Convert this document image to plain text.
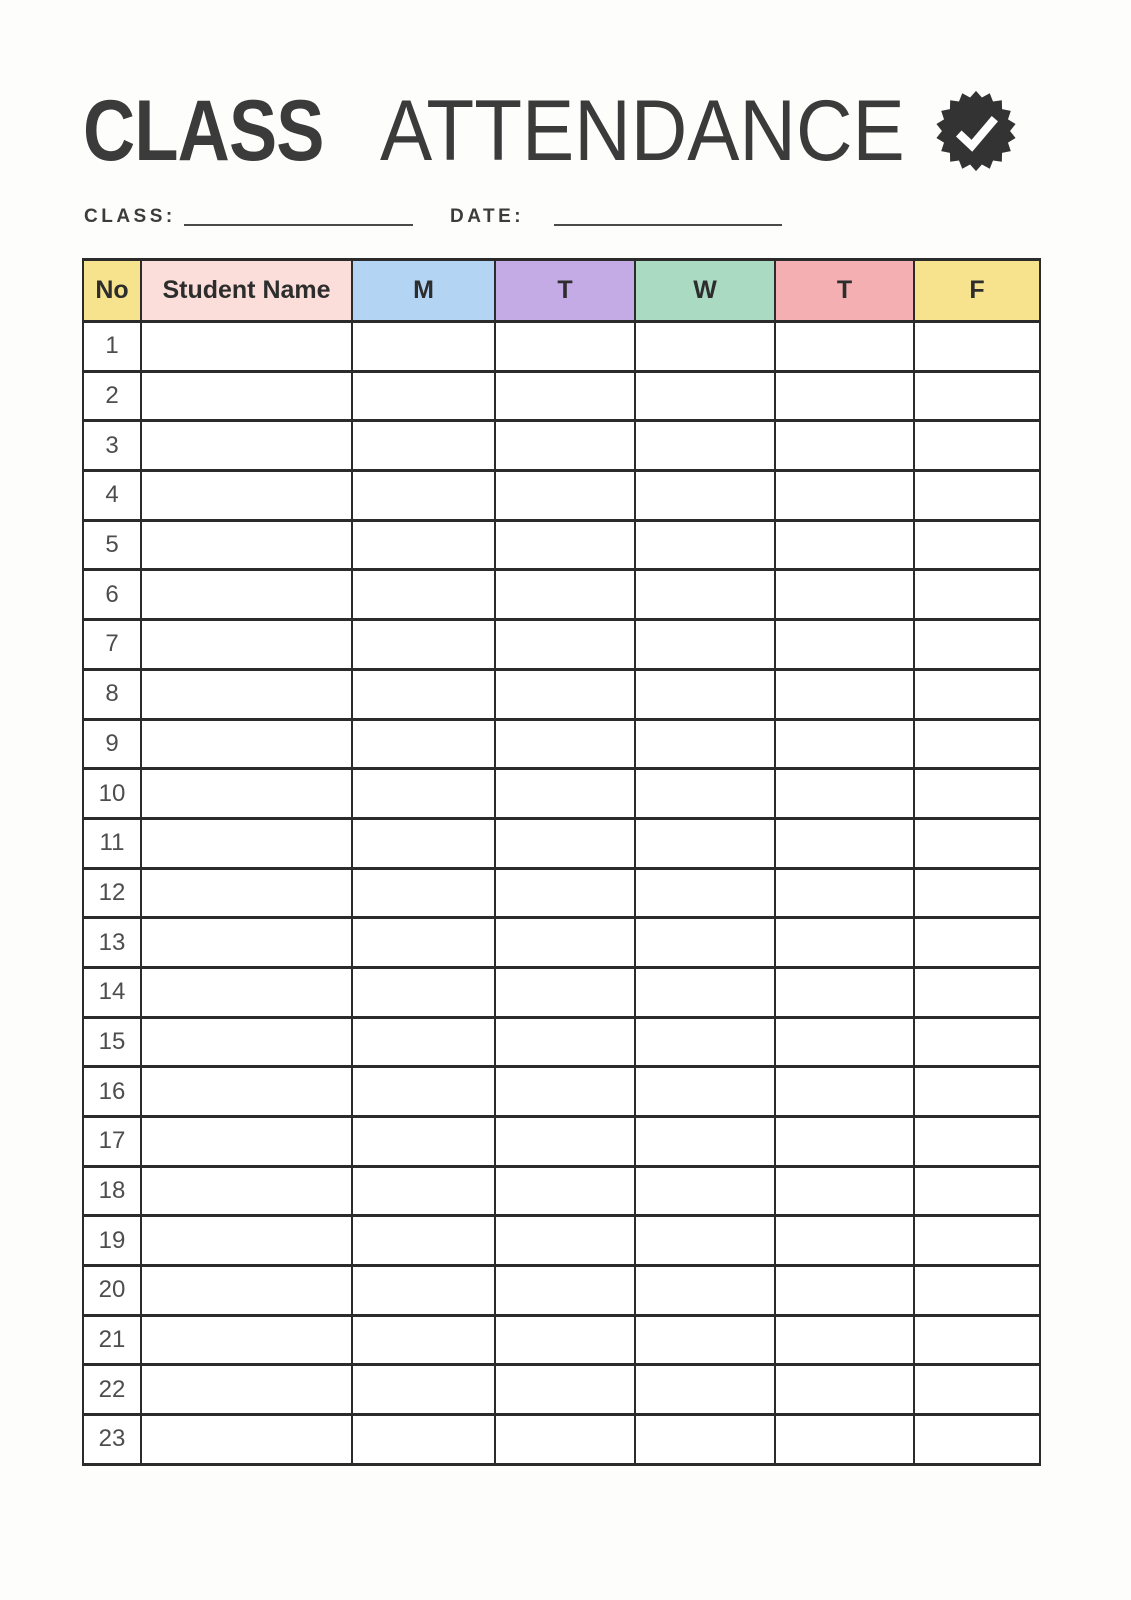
CLASS ATTENDANCE
CLASS:	DATE:
No	Student Name	M	T	W	T	F
1						
2						
3						
4						
5						
6						
7						
8						
9						
10						
11						
12						
13						
14						
15						
16						
17						
18						
19						
20						
21						
22						
23						
